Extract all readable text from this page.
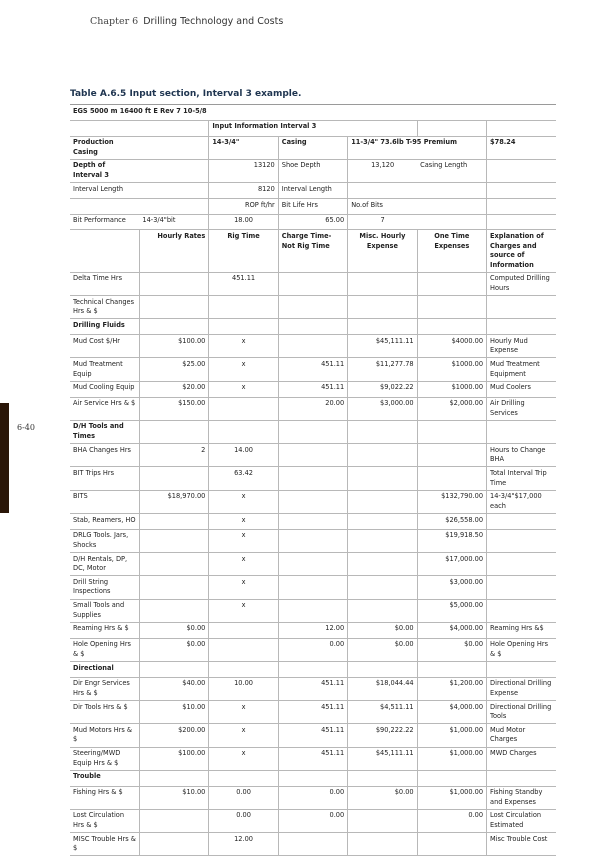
Chapter 6 Drilling Technology and Costs
6-40
Table A.6.5 Input section, Interval 3 example.
EGS 5000 m 16400 ft E Rev 7 10-5/8						
		Input Information Interval 3				
Production Casing		14-3/4"	Casing	11-3/4" 73.6lb T-95 Premium		$78.24
Depth of Interval 3		13120	Shoe Depth	13,120	Casing Length	
Interval Length		8120	Interval Length			
		ROP ft/hr	Bit Life Hrs	No.of Bits		
Bit Performance	14-3/4"bit	18.00	65.00	7		
	Hourly Rates	Rig Time	Charge Time-Not Rig Time	Misc. Hourly Expense	One Time Expenses	Explanation of Charges and source of Information
Delta Time Hrs		451.11				Computed Drilling Hours
Technical Changes Hrs & $						
Drilling Fluids						
Mud Cost $/Hr	$100.00	x		$45,111.11	$4000.00	Hourly Mud Expense
Mud Treatment Equip	$25.00	x	451.11	$11,277.78	$1000.00	Mud Treatment Equipment
Mud Cooling Equip	$20.00	x	451.11	$9,022.22	$1000.00	Mud Coolers
Air Service Hrs & $	$150.00		20.00	$3,000.00	$2,000.00	Air Drilling Services
D/H Tools and Times						
BHA Changes Hrs	2	14.00				Hours to Change BHA
BIT Trips Hrs		63.42				Total Interval Trip Time
BITS	$18,970.00	x			$132,790.00	14-3/4"$17,000 each
Stab, Reamers, HO		x			$26,558.00	
DRLG Tools. Jars, Shocks		x			$19,918.50	
D/H Rentals, DP, DC, Motor		x			$17,000.00	
Drill String Inspections		x			$3,000.00	
Small Tools and Supplies		x			$5,000.00	
Reaming Hrs & $	$0.00		12.00	$0.00	$4,000.00	Reaming Hrs &$
Hole Opening Hrs & $	$0.00		0.00	$0.00	$0.00	Hole Opening Hrs & $
Directional						
Dir Engr Services Hrs & $	$40.00	10.00	451.11	$18,044.44	$1,200.00	Directional Drilling Expense
Dir Tools Hrs & $	$10.00	x	451.11	$4,511.11	$4,000.00	Directional Drilling Tools
Mud Motors Hrs & $	$200.00	x	451.11	$90,222.22	$1,000.00	Mud Motor Charges
Steering/MWD Equip Hrs & $	$100.00	x	451.11	$45,111.11	$1,000.00	MWD Charges
Trouble						
Fishing Hrs & $	$10.00	0.00	0.00	$0.00	$1,000.00	Fishing Standby and Expenses
Lost Circulation Hrs & $		0.00	0.00		0.00	Lost Circulation Estimated
MISC Trouble Hrs & $		12.00				Misc Trouble Cost
